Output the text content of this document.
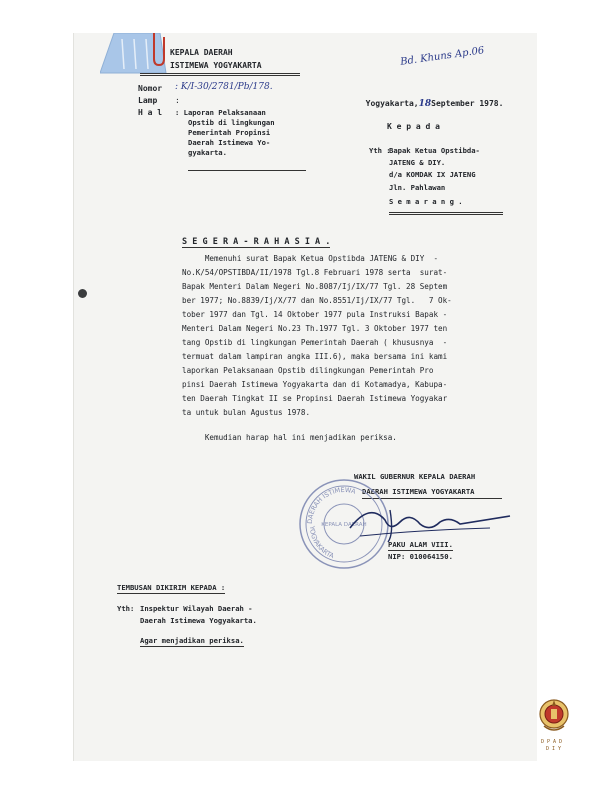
KEPALA DAERAH
ISTIMEWA YOGYAKARTA	Bd. Khuns Ap.06
Nomor : K/I-30/2781/Pb/178.
Lamp :
H a l : Laporan Pelaksanaan
Opstib di lingkungan
Pemerintah Propinsi
Daerah Istimewa Yo-
gyakarta.

Yogyakarta,18September 1978.

K e p a d a
Yth :
Bapak Ketua Opstibda-
JATENG & DIY.
d/a KOMDAK IX JATENG
Jln. Pahlawan
S e m a r a n g .
S E G E R A - R A H A S I A .
Memenuhi surat Bapak Ketua Opstibda JATENG & DIY  -
No.K/54/OPSTIBDA/II/1978 Tgl.8 Februari 1978 serta  surat-
Bapak Menteri Dalam Negeri No.8087/Ij/IX/77 Tgl. 28 Septem
ber 1977; No.8839/Ij/X/77 dan No.8551/Ij/IX/77 Tgl.   7 Ok-
tober 1977 dan Tgl. 14 Oktober 1977 pula Instruksi Bapak -
Menteri Dalam Negeri No.23 Th.1977 Tgl. 3 Oktober 1977 ten
tang Opstib di lingkungan Pemerintah Daerah ( khususnya  -
termuat dalam lampiran angka III.6), maka bersama ini kami
laporkan Pelaksanaan Opstib dilingkungan Pemerintah Pro
pinsi Daerah Istimewa Yogyakarta dan di Kotamadya, Kabupa-
ten Daerah Tingkat II se Propinsi Daerah Istimewa Yogyakar
ta untuk bulan Agustus 1978.
Kemudian harap hal ini menjadikan periksa.
WAKIL GUBERNUR KEPALA DAERAH
DAERAH ISTIMEWA YOGYAKARTA
DAERAH ISTIMEWA
YOGYAKARTA
KEPALA DAERAH
PAKU ALAM VIII.
NIP: 010064150.
TEMBUSAN DIKIRIM KEPADA :
Yth: Inspektur Wilayah Daerah -
Daerah Istimewa Yogyakarta.
Agar menjadikan periksa.
D P A D
D I Y
